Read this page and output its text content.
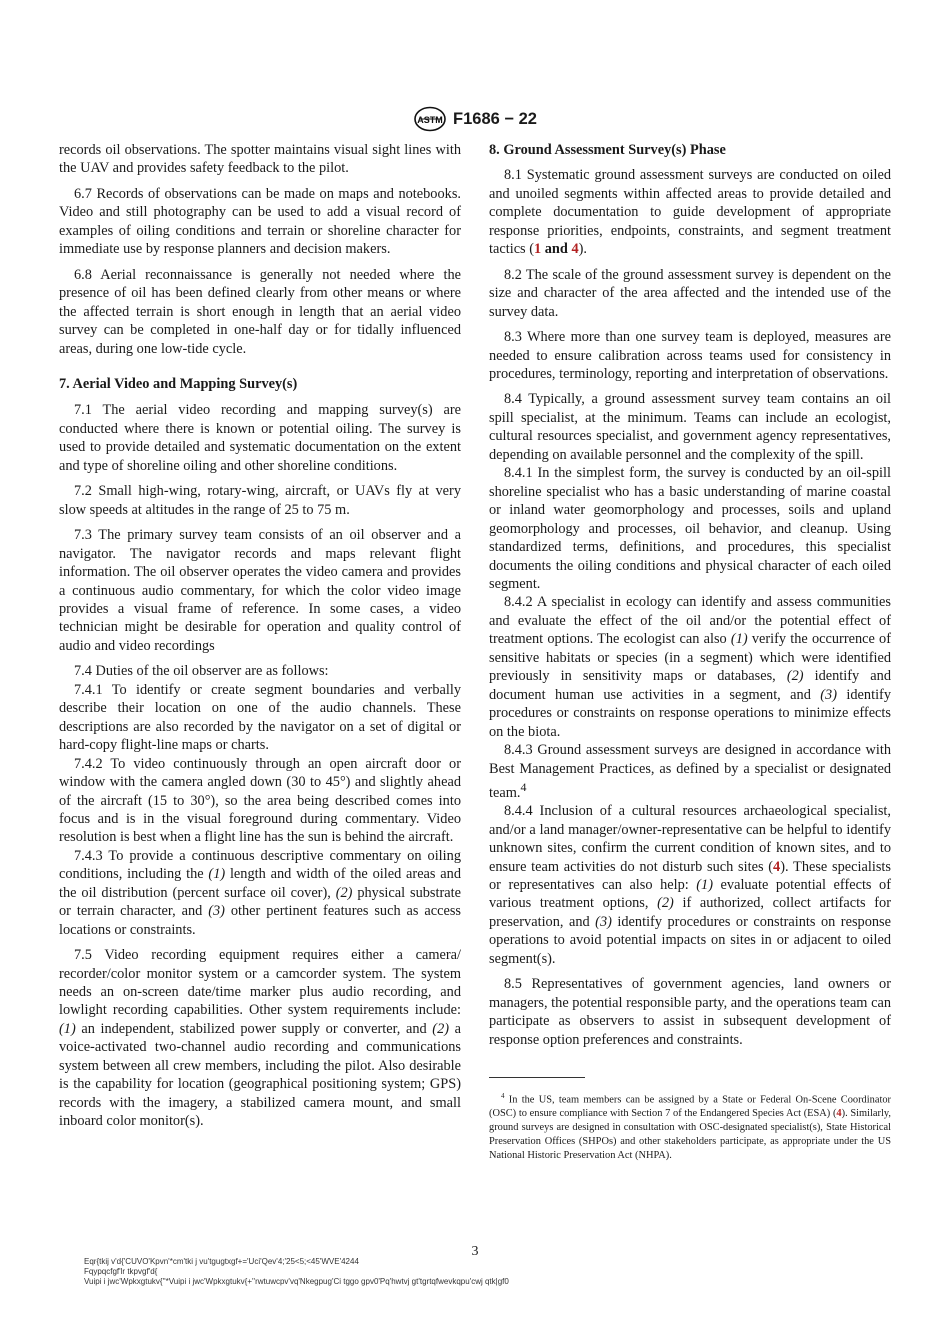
ASTM F1686 − 22

records oil observations. The spotter maintains visual sight lines with the UAV and provides safety feedback to the pilot.

6.7 Records of observations can be made on maps and notebooks. Video and still photography can be used to add a visual record of examples of oiling conditions and terrain or shoreline character for immediate use by response planners and decision makers.

6.8 Aerial reconnaissance is generally not needed where the presence of oil has been defined clearly from other means or where the affected terrain is short enough in length that an aerial video survey can be completed in one-half day or for tidally influenced areas, during one low-tide cycle.

7. Aerial Video and Mapping Survey(s)

7.1 The aerial video recording and mapping survey(s) are conducted where there is known or potential oiling. The survey is used to provide detailed and systematic documentation on the extent and type of shoreline oiling and other shoreline conditions.

7.2 Small high-wing, rotary-wing, aircraft, or UAVs fly at very slow speeds at altitudes in the range of 25 to 75 m.

7.3 The primary survey team consists of an oil observer and a navigator. The navigator records and maps relevant flight information. The oil observer operates the video camera and provides a continuous audio commentary, for which the color video image provides a visual frame of reference. In some cases, a video technician might be desirable for operation and quality control of audio and video recordings

7.4 Duties of the oil observer are as follows:

7.4.1 To identify or create segment boundaries and verbally describe their location on one of the audio channels. These descriptions are also recorded by the navigator on a set of digital or hard-copy flight-line maps or charts.

7.4.2 To video continuously through an open aircraft door or window with the camera angled down (30 to 45°) and slightly ahead of the aircraft (15 to 30°), so the area being described comes into focus and is in the visual foreground during commentary. Video resolution is best when a flight line has the sun is behind the aircraft.

7.4.3 To provide a continuous descriptive commentary on oiling conditions, including the (1) length and width of the oiled areas and the oil distribution (percent surface oil cover), (2) physical substrate or terrain character, and (3) other pertinent features such as access locations or constraints.

7.5 Video recording equipment requires either a camera/ recorder/color monitor system or a camcorder system. The system needs an on-screen date/time marker plus audio recording, and lowlight recording capabilities. Other system requirements include: (1) an independent, stabilized power supply or converter, and (2) a voice-activated two-channel audio recording and communications system between all crew members, including the pilot. Also desirable is the capability for location (geographical positioning system; GPS) records with the imagery, a stabilized camera mount, and small inboard color monitor(s).

8. Ground Assessment Survey(s) Phase

8.1 Systematic ground assessment surveys are conducted on oiled and unoiled segments within affected areas to provide detailed and complete documentation to guide development of appropriate response priorities, endpoints, constraints, and segment treatment tactics (1 and 4).

8.2 The scale of the ground assessment survey is dependent on the size and character of the area affected and the intended use of the survey data.

8.3 Where more than one survey team is deployed, measures are needed to ensure calibration across teams used for consistency in procedures, terminology, reporting and interpretation of observations.

8.4 Typically, a ground assessment survey team contains an oil spill specialist, at the minimum. Teams can include an ecologist, cultural resources specialist, and government agency representatives, depending on available personnel and the complexity of the spill.

8.4.1 In the simplest form, the survey is conducted by an oil-spill shoreline specialist who has a basic understanding of marine coastal or inland water geomorphology and processes, soils and upland geomorphology and processes, oil behavior, and cleanup. Using standardized terms, definitions, and procedures, this specialist documents the oiling conditions and physical character of each oiled segment.

8.4.2 A specialist in ecology can identify and assess communities and evaluate the effect of the oil and/or the potential effect of treatment options. The ecologist can also (1) verify the occurrence of sensitive habitats or species (in a segment) which were identified previously in sensitivity maps or databases, (2) identify and document human use activities in a segment, and (3) identify procedures or constraints on response operations to minimize effects on the biota.

8.4.3 Ground assessment surveys are designed in accordance with Best Management Practices, as defined by a specialist or designated team.$^4$

8.4.4 Inclusion of a cultural resources archaeological specialist, and/or a land manager/owner-representative can be helpful to identify unknown sites, confirm the current condition of known sites, and to ensure team activities do not disturb such sites (4). These specialists or representatives can also help: (1) evaluate potential effects of various treatment options, (2) if authorized, collect artifacts for preservation, and (3) identify procedures or constraints on response operations to avoid potential impacts on sites in or adjacent to oiled segment(s).

8.5 Representatives of government agencies, land owners or managers, the potential responsible party, and the operations team can participate as observers to assist in subsequent development of response option preferences and constraints.

$^4$ In the US, team members can be assigned by a State or Federal On-Scene Coordinator (OSC) to ensure compliance with Section 7 of the Endangered Species Act (ESA) (4). Similarly, ground surveys are designed in consultation with OSC-designated specialist(s), State Historical Preservation Offices (SHPOs) and other stakeholders participate, as appropriate under the US National Historic Preservation Act (NHPA).
3
Eqr{tkij v'd{'CUVO'Kpvn'*cm'tki j vu'tgugtxgf+='Uci'Qev'4;'25<5;<45'WVE'4244
Fqypqcfgf'lr tkpvgf'd{
Vuipi i jwc'Wpkxgtukv{''*Vuipi i jwc'Wpkxgtukv{+''rwtuwcpv'vq'Nkegpug'Ci tggo gpv0'Pq'hwtvj gt'tgrtqfwevkqpu'cwj qtk|gf0
